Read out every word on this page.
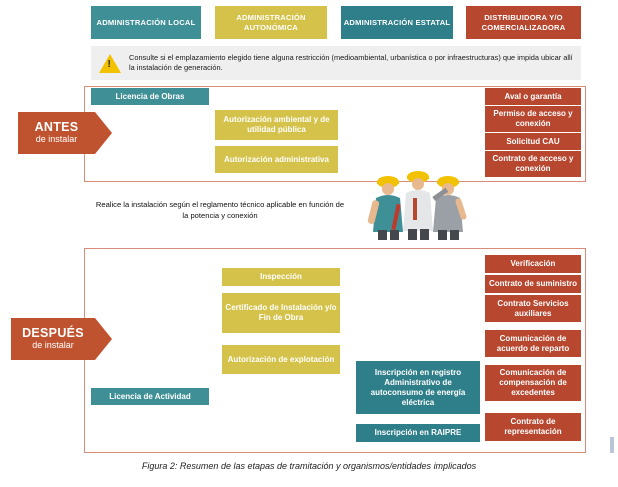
ADMINISTRACIÓN LOCAL
ADMINISTRACIÓN AUTONÓMICA
ADMINISTRACIÓN ESTATAL
DISTRIBUIDORA Y/O COMERCIALIZADORA
!
Consulte si el emplazamiento elegido tiene alguna restricción (medioambiental, urbanística o por infraestructuras) que impida ubicar allí la instalación de generación.
ANTES
de instalar
Licencia de Obras
Autorización ambiental y de utilidad pública
Autorización administrativa
Aval o garantía
Permiso de acceso y conexión
Solicitud CAU
Contrato de acceso y conexión
Realice la instalación según el reglamento técnico aplicable en función de la potencia y conexión
DESPUÉS
de instalar
Licencia de Actividad
Inspección
Certificado de Instalación y/o Fin de Obra
Autorización de explotación
Inscripción en registro Administrativo de autoconsumo de energía eléctrica
Inscripción en RAIPRE
Verificación
Contrato de suministro
Contrato Servicios auxiliares
Comunicación de acuerdo de reparto
Comunicación de compensación de excedentes
Contrato de representación
Figura 2: Resumen de las etapas de tramitación y organismos/entidades implicados
